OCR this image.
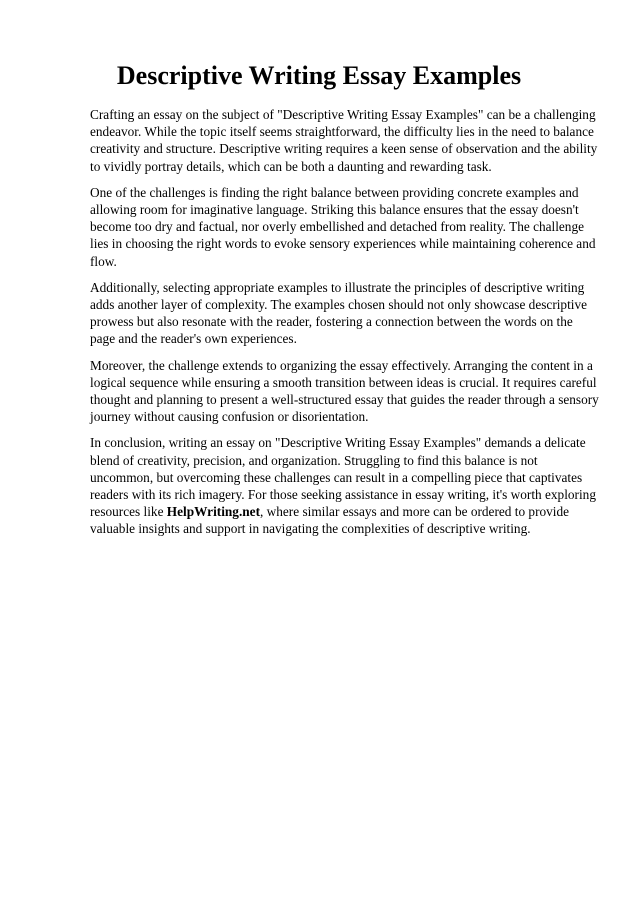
Descriptive Writing Essay Examples

Crafting an essay on the subject of "Descriptive Writing Essay Examples" can be a challenging endeavor. While the topic itself seems straightforward, the difficulty lies in the need to balance creativity and structure. Descriptive writing requires a keen sense of observation and the ability to vividly portray details, which can be both a daunting and rewarding task.

One of the challenges is finding the right balance between providing concrete examples and allowing room for imaginative language. Striking this balance ensures that the essay doesn't become too dry and factual, nor overly embellished and detached from reality. The challenge lies in choosing the right words to evoke sensory experiences while maintaining coherence and flow.

Additionally, selecting appropriate examples to illustrate the principles of descriptive writing adds another layer of complexity. The examples chosen should not only showcase descriptive prowess but also resonate with the reader, fostering a connection between the words on the page and the reader's own experiences.

Moreover, the challenge extends to organizing the essay effectively. Arranging the content in a logical sequence while ensuring a smooth transition between ideas is crucial. It requires careful thought and planning to present a well-structured essay that guides the reader through a sensory journey without causing confusion or disorientation.

In conclusion, writing an essay on "Descriptive Writing Essay Examples" demands a delicate blend of creativity, precision, and organization. Struggling to find this balance is not uncommon, but overcoming these challenges can result in a compelling piece that captivates readers with its rich imagery. For those seeking assistance in essay writing, it's worth exploring resources like HelpWriting.net, where similar essays and more can be ordered to provide valuable insights and support in navigating the complexities of descriptive writing.
